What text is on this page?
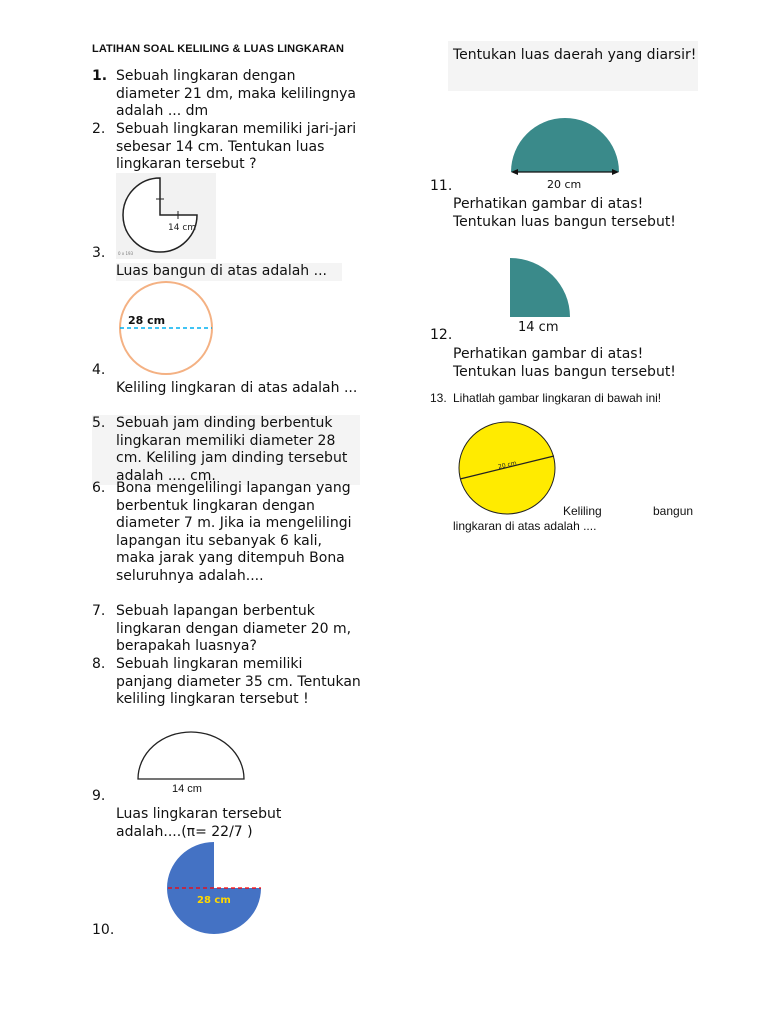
LATIHAN SOAL KELILING & LUAS LINGKARAN
1. Sebuah lingkaran dengan diameter 21 dm, maka kelilingnya adalah ... dm
2. Sebuah lingkaran memiliki jari-jari sebesar 14 cm. Tentukan luas lingkaran tersebut ?
14 cm
0 x 193
3.
Luas bangun di atas adalah ...
28 cm
4.
Keliling lingkaran di atas adalah ...
5. Sebuah jam dinding berbentuk lingkaran memiliki diameter 28 cm. Keliling jam dinding tersebut adalah .... cm.
6. Bona mengelilingi lapangan yang berbentuk lingkaran dengan diameter 7 m. Jika ia mengelilingi lapangan itu sebanyak 6 kali, maka jarak yang ditempuh Bona seluruhnya adalah....
7. Sebuah lapangan berbentuk lingkaran dengan diameter 20 m, berapakah luasnya?
8. Sebuah lingkaran memiliki panjang diameter 35 cm. Tentukan keliling lingkaran tersebut !
14 cm
9.
Luas lingkaran tersebut adalah....(π= 22/7 )
28 cm
10.
Tentukan luas daerah yang diarsir!
20 cm
11.
Perhatikan gambar di atas! Tentukan luas bangun tersebut!
14 cm
12.
Perhatikan gambar di atas! Tentukan luas bangun tersebut!
13. Lihatlah gambar lingkaran di bawah ini!
20 cm
Keliling	bangun
lingkaran di atas adalah ....
